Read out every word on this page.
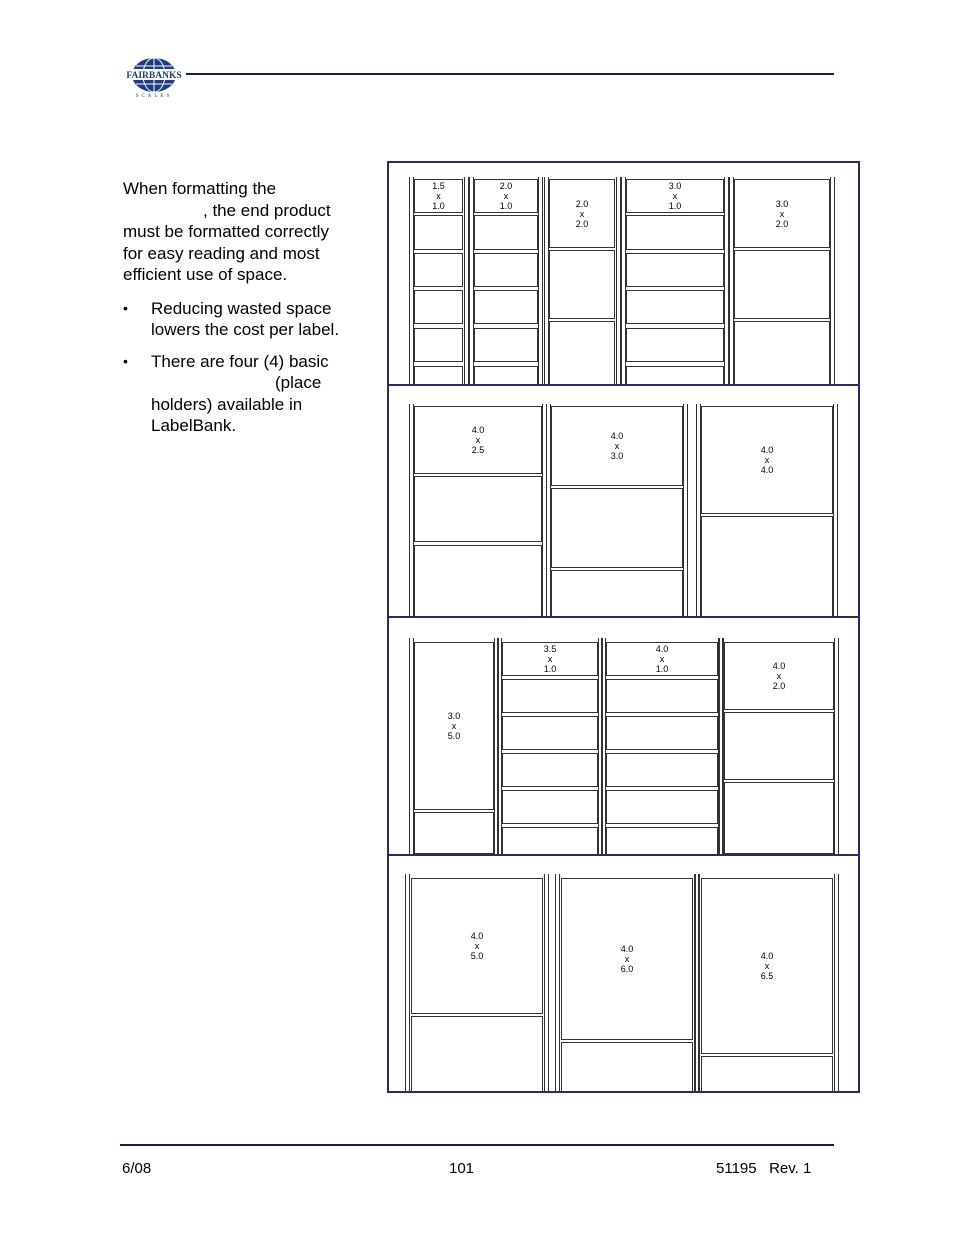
FAIRBANKS
SCALES

When formatting the
, the end product
must be formatted correctly
for easy reading and most
efficient use of space.

• Reducing wasted space
lowers the cost per label.
• There are four (4) basic
(place
holders) available in
LabelBank.
1.5
x
1.0
2.0
x
1.0	2.0
x
2.0
3.0
x
1.0	3.0
x
2.0
4.0
x
2.5
4.0
x
3.0
4.0
x
4.0
3.0
x
5.0
3.5
x
1.0
4.0
x
1.0	4.0
x
2.0
4.0
x
5.0
4.0
x
6.0
4.0
x
6.5
6/08	101	51195   Rev. 1
